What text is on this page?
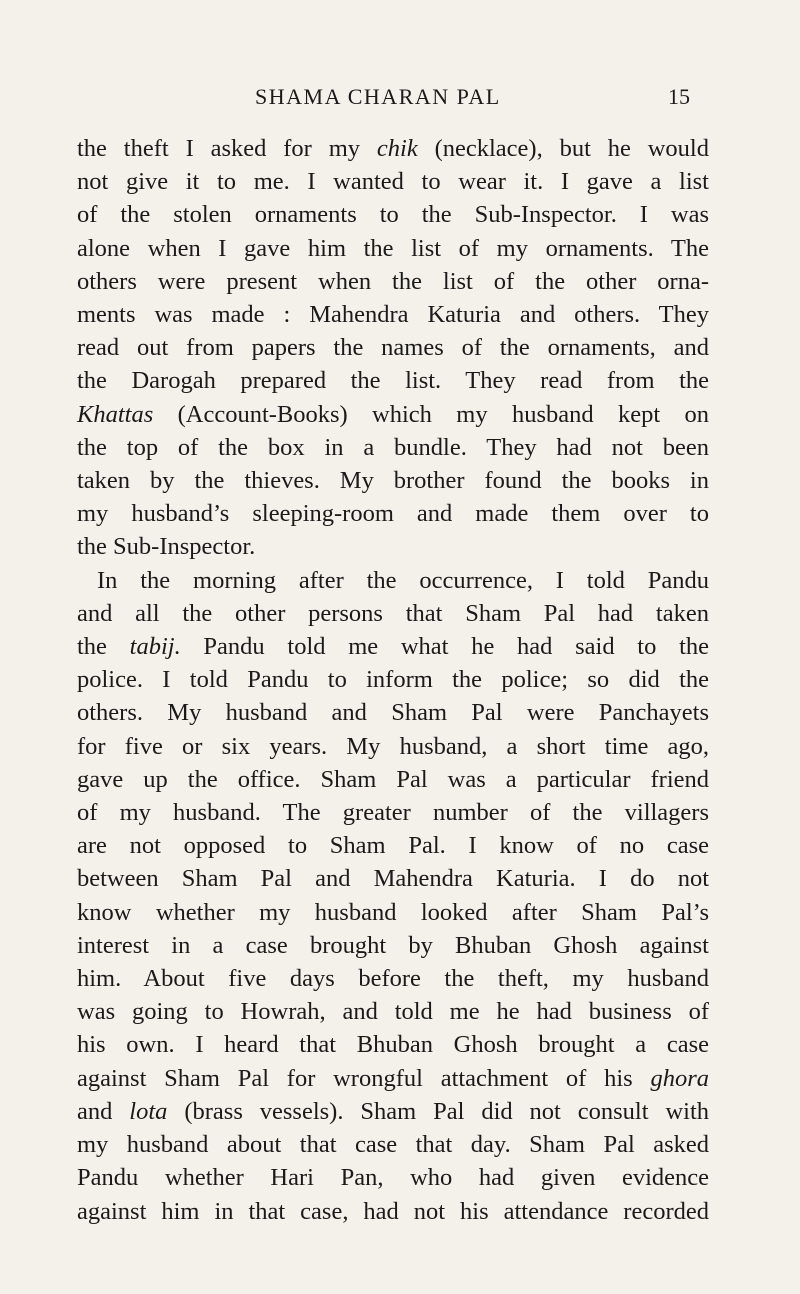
SHAMA CHARAN PAL	15
the theft I asked for my chik (necklace), but he would
not give it to me. I wanted to wear it. I gave a list
of the stolen ornaments to the Sub-Inspector. I was
alone when I gave him the list of my ornaments. The
others were present when the list of the other orna-
ments was made : Mahendra Katuria and others. They
read out from papers the names of the ornaments, and
the Darogah prepared the list. They read from the
Khattas (Account-Books) which my husband kept on
the top of the box in a bundle. They had not been
taken by the thieves. My brother found the books in
my husband’s sleeping-room and made them over to
the Sub-Inspector.
In the morning after the occurrence, I told Pandu
and all the other persons that Sham Pal had taken
the tabij. Pandu told me what he had said to the
police. I told Pandu to inform the police; so did the
others. My husband and Sham Pal were Panchayets
for five or six years. My husband, a short time ago,
gave up the office. Sham Pal was a particular friend
of my husband. The greater number of the villagers
are not opposed to Sham Pal. I know of no case
between Sham Pal and Mahendra Katuria. I do not
know whether my husband looked after Sham Pal’s
interest in a case brought by Bhuban Ghosh against
him. About five days before the theft, my husband
was going to Howrah, and told me he had business of
his own. I heard that Bhuban Ghosh brought a case
against Sham Pal for wrongful attachment of his ghora
and lota (brass vessels). Sham Pal did not consult with
my husband about that case that day. Sham Pal asked
Pandu whether Hari Pan, who had given evidence
against him in that case, had not his attendance recorded
